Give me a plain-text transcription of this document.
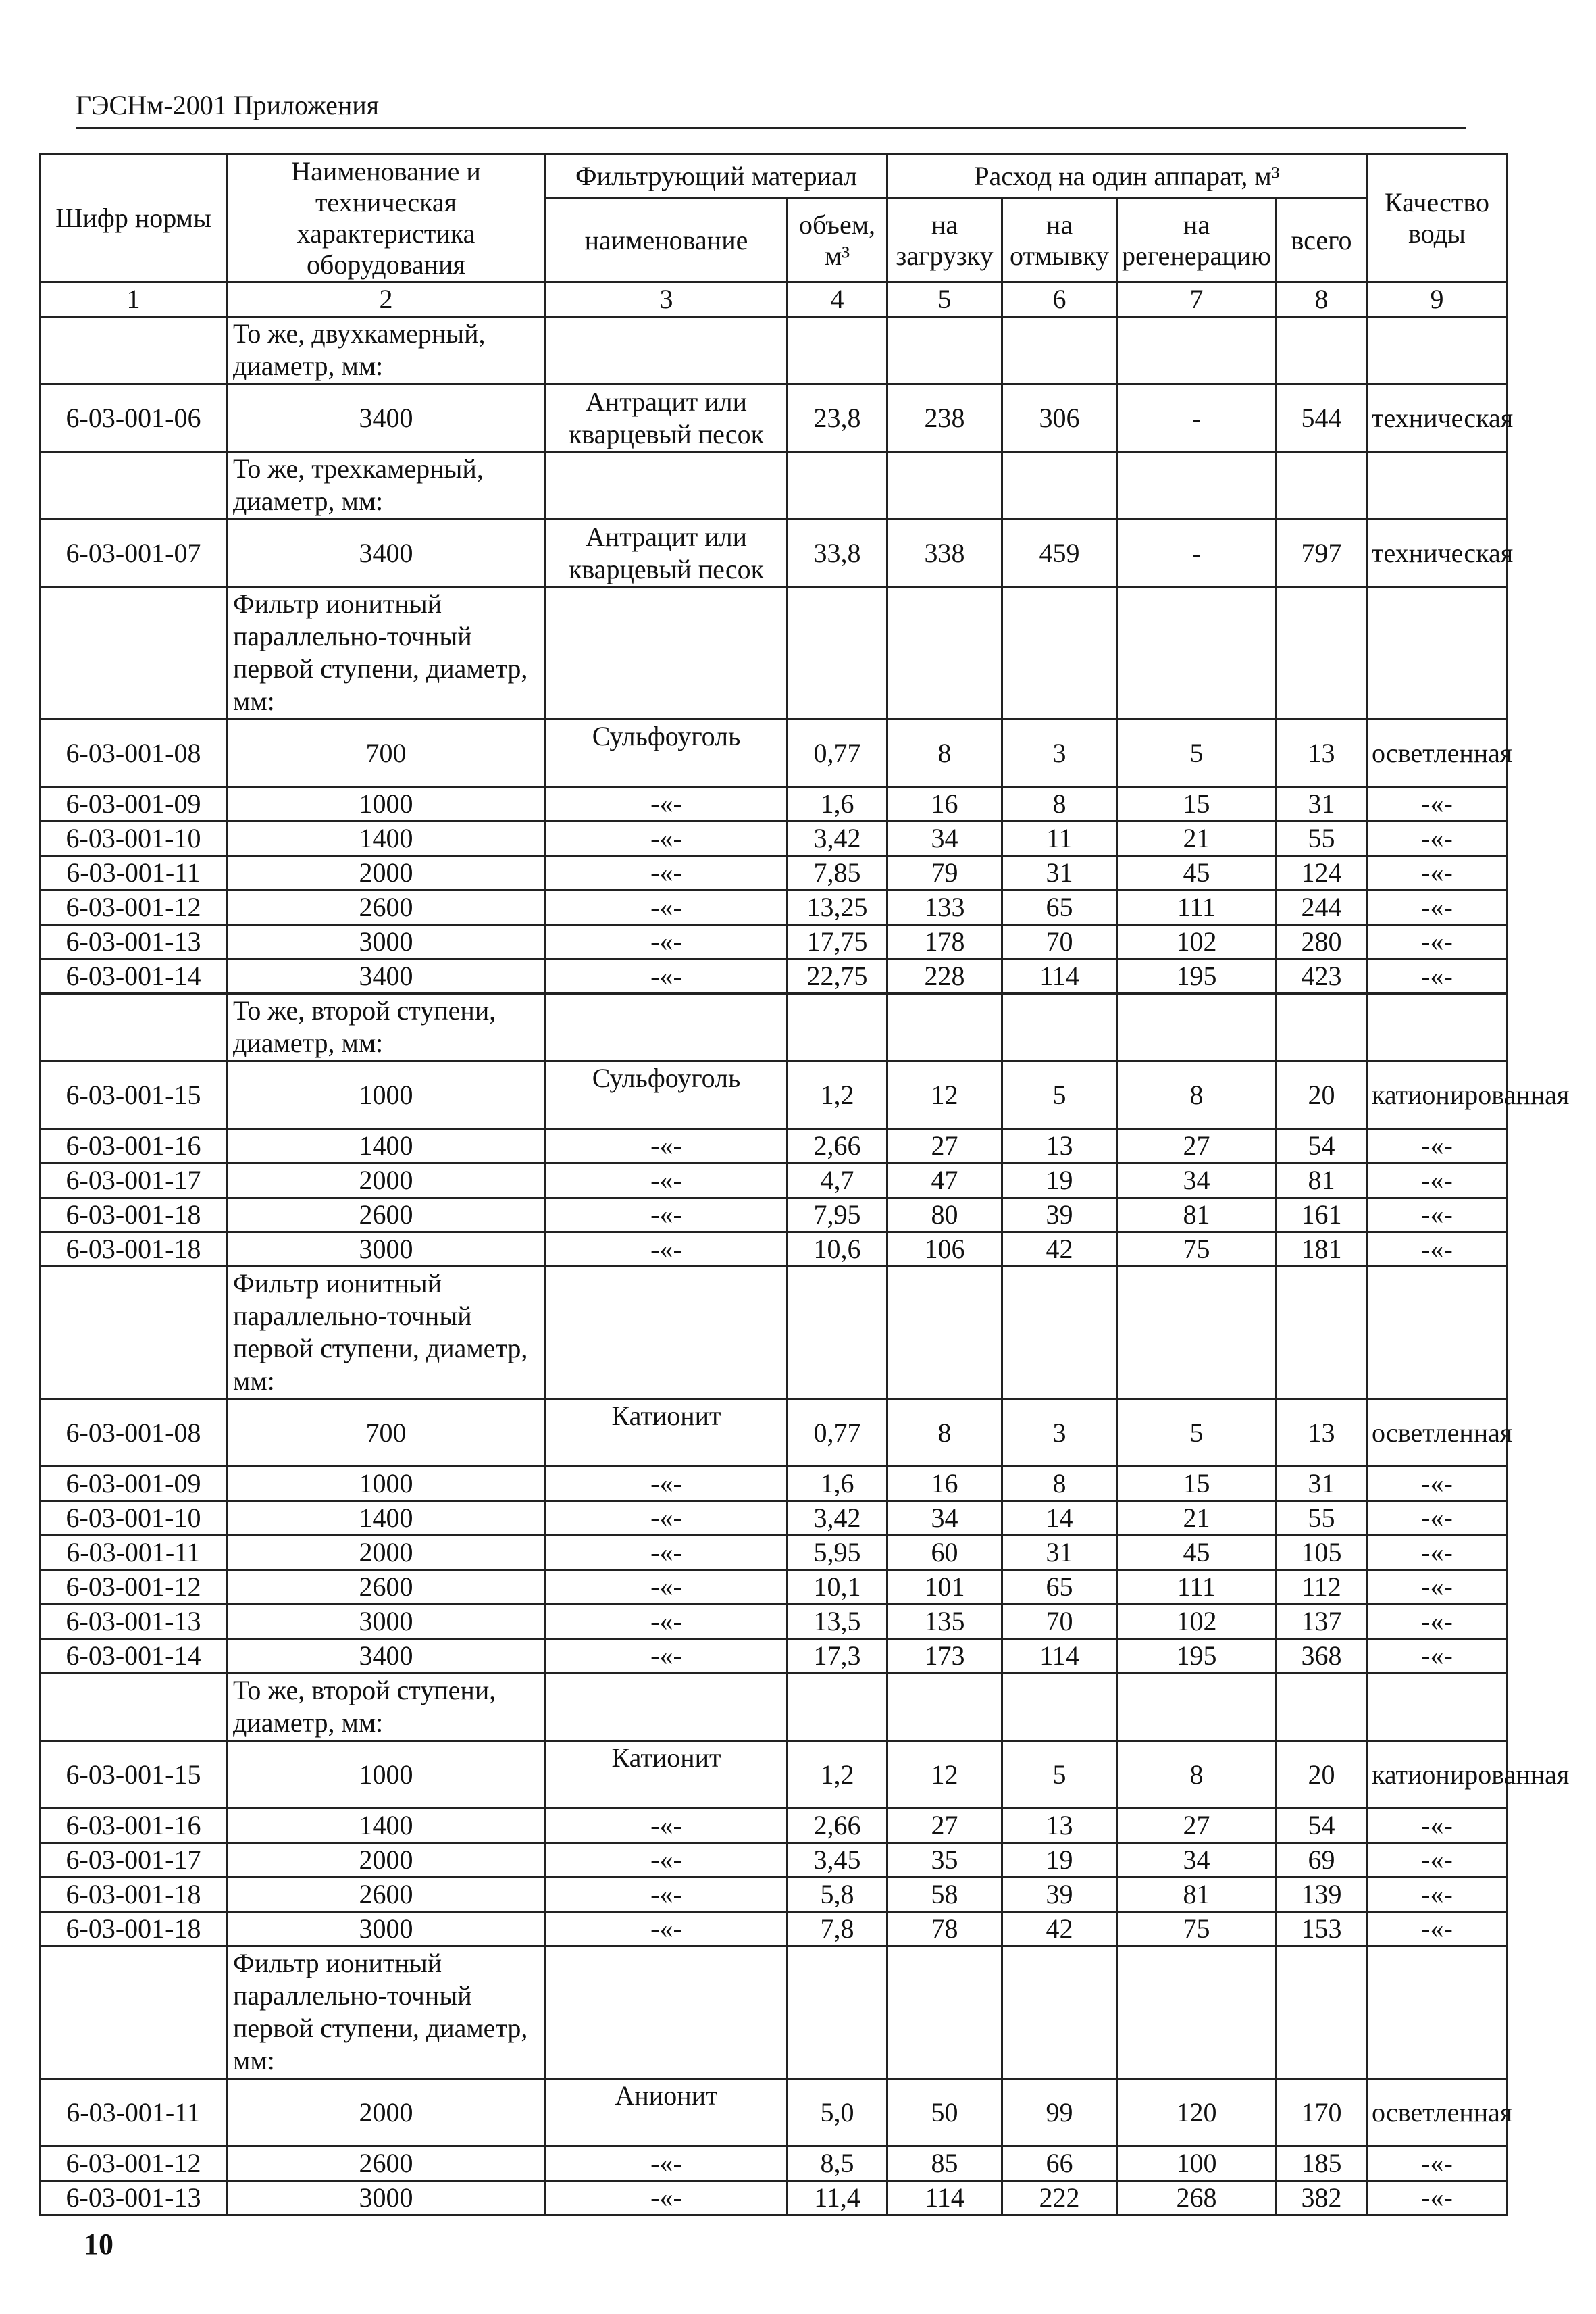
ГЭСНм-2001 Приложения
Шифр нормы	Наименование и техническая характеристика оборудования	Фильтрующий материал		Расход на один аппарат, м³				Качество воды
		наименование	объем, м³	на загрузку	на отмывку	на регенерацию	всего	
1	2	3	4	5	6	7	8	9
	То же, двухкамерный, диаметр, мм:							
6-03-001-06	3400	Антрацит или кварцевый песок	23,8	238	306	-	544	техническая
	То же, трехкамерный, диаметр, мм:							
6-03-001-07	3400	Антрацит или кварцевый песок	33,8	338	459	-	797	техническая
	Фильтр ионитный параллельно-точный первой ступени, диаметр, мм:							
6-03-001-08	700	Сульфоуголь	0,77	8	3	5	13	осветленная
6-03-001-09	1000	-«-	1,6	16	8	15	31	-«-
6-03-001-10	1400	-«-	3,42	34	11	21	55	-«-
6-03-001-11	2000	-«-	7,85	79	31	45	124	-«-
6-03-001-12	2600	-«-	13,25	133	65	111	244	-«-
6-03-001-13	3000	-«-	17,75	178	70	102	280	-«-
6-03-001-14	3400	-«-	22,75	228	114	195	423	-«-
	То же, второй ступени, диаметр, мм:							
6-03-001-15	1000	Сульфоуголь	1,2	12	5	8	20	катионированная
6-03-001-16	1400	-«-	2,66	27	13	27	54	-«-
6-03-001-17	2000	-«-	4,7	47	19	34	81	-«-
6-03-001-18	2600	-«-	7,95	80	39	81	161	-«-
6-03-001-18	3000	-«-	10,6	106	42	75	181	-«-
	Фильтр ионитный параллельно-точный первой ступени, диаметр, мм:							
6-03-001-08	700	Катионит	0,77	8	3	5	13	осветленная
6-03-001-09	1000	-«-	1,6	16	8	15	31	-«-
6-03-001-10	1400	-«-	3,42	34	14	21	55	-«-
6-03-001-11	2000	-«-	5,95	60	31	45	105	-«-
6-03-001-12	2600	-«-	10,1	101	65	111	112	-«-
6-03-001-13	3000	-«-	13,5	135	70	102	137	-«-
6-03-001-14	3400	-«-	17,3	173	114	195	368	-«-
	То же, второй ступени, диаметр, мм:							
6-03-001-15	1000	Катионит	1,2	12	5	8	20	катионированная
6-03-001-16	1400	-«-	2,66	27	13	27	54	-«-
6-03-001-17	2000	-«-	3,45	35	19	34	69	-«-
6-03-001-18	2600	-«-	5,8	58	39	81	139	-«-
6-03-001-18	3000	-«-	7,8	78	42	75	153	-«-
	Фильтр ионитный параллельно-точный первой ступени, диаметр, мм:							
6-03-001-11	2000	Анионит	5,0	50	99	120	170	осветленная
6-03-001-12	2600	-«-	8,5	85	66	100	185	-«-
6-03-001-13	3000	-«-	11,4	114	222	268	382	-«-
10
